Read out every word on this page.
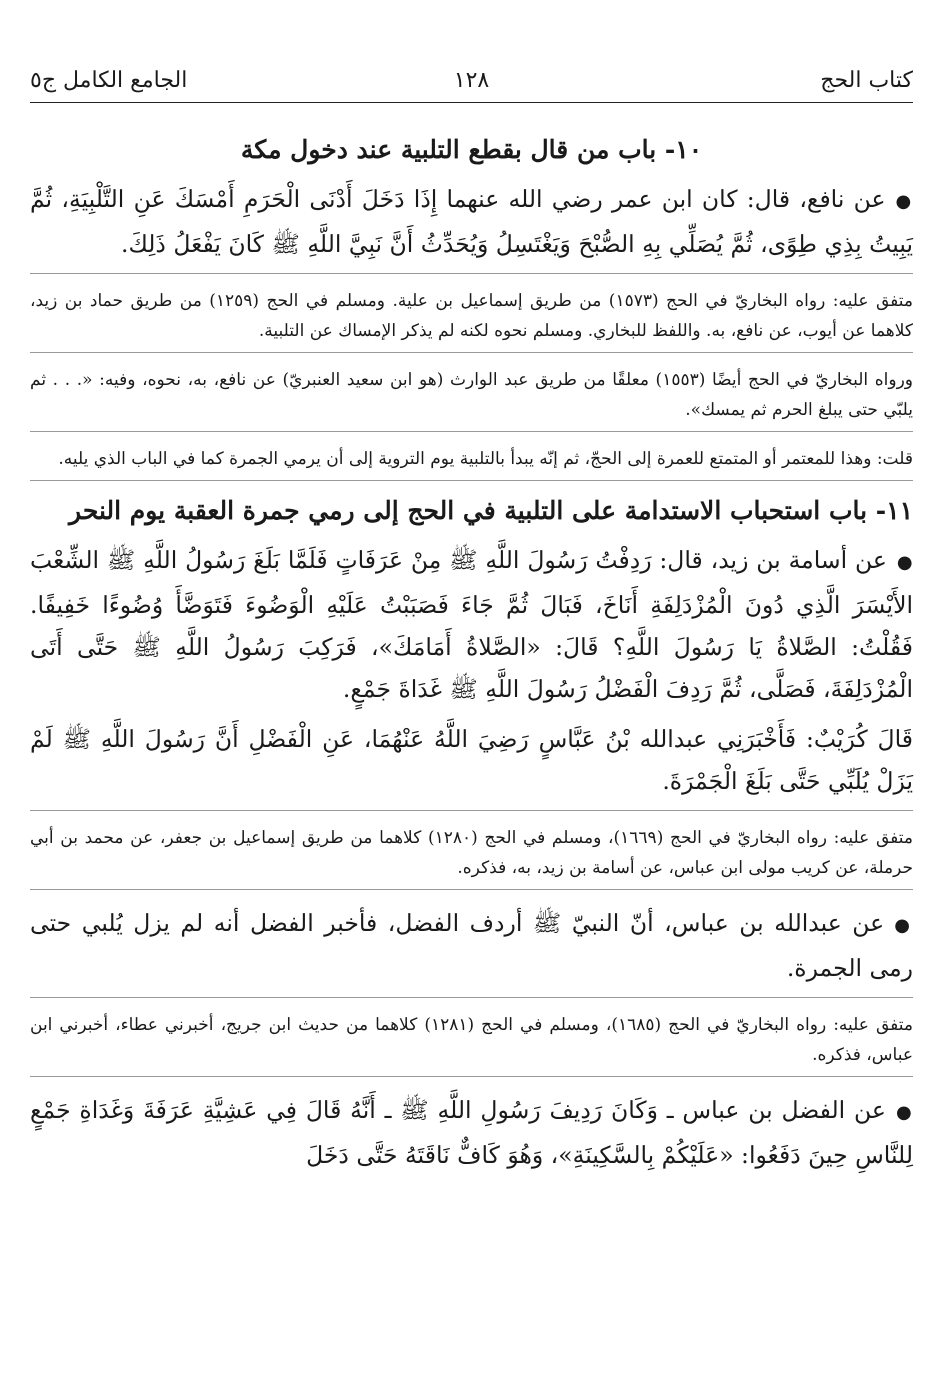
كتاب الحج
١٢٨
الجامع الكامل ج٥
١٠- باب من قال بقطع التلبية عند دخول مكة

●عن نافع، قال: كان ابن عمر رضي الله عنهما إِذَا دَخَلَ أَدْنَى الْحَرَمِ أَمْسَكَ عَنِ التَّلْبِيَةِ، ثُمَّ يَبِيتُ بِذِي طِوًى، ثُمَّ يُصَلِّي بِهِ الصُّبْحَ وَيَغْتَسِلُ وَيُحَدِّثُ أَنَّ نَبِيَّ اللَّهِ ﷺ كَانَ يَفْعَلُ ذَلِكَ.

متفق عليه: رواه البخاريّ في الحج (١٥٧٣) من طريق إسماعيل بن علية. ومسلم في الحج (١٢٥٩) من طريق حماد بن زيد، كلاهما عن أيوب، عن نافع، به. واللفظ للبخاري. ومسلم نحوه لكنه لم يذكر الإمساك عن التلبية.

ورواه البخاريّ في الحج أيضًا (١٥٥٣) معلقًا من طريق عبد الوارث (هو ابن سعيد العنبريّ) عن نافع، به، نحوه، وفيه: «. . . ثم يلبّي حتى يبلغ الحرم ثم يمسك».

قلت: وهذا للمعتمر أو المتمتع للعمرة إلى الحجّ، ثم إنّه يبدأ بالتلبية يوم التروية إلى أن يرمي الجمرة كما في الباب الذي يليه.

١١- باب استحباب الاستدامة على التلبية في الحج إلى رمي جمرة العقبة يوم النحر

●عن أسامة بن زيد، قال: رَدِفْتُ رَسُولَ اللَّهِ ﷺ مِنْ عَرَفَاتٍ فَلَمَّا بَلَغَ رَسُولُ اللَّهِ ﷺ الشِّعْبَ الأَيْسَرَ الَّذِي دُونَ الْمُزْدَلِفَةِ أَنَاخَ، فَبَالَ ثُمَّ جَاءَ فَصَبَبْتُ عَلَيْهِ الْوَضُوءَ فَتَوَضَّأَ وُضُوءًا خَفِيفًا. فَقُلْتُ: الصَّلاةُ يَا رَسُولَ اللَّهِ؟ قَالَ: «الصَّلاةُ أَمَامَكَ»، فَرَكِبَ رَسُولُ اللَّهِ ﷺ حَتَّى أَتَى الْمُزْدَلِفَةَ، فَصَلَّى، ثُمَّ رَدِفَ الْفَضْلُ رَسُولَ اللَّهِ ﷺ غَدَاةَ جَمْعٍ.

قَالَ كُرَيْبٌ: فَأَخْبَرَنِي عبدالله بْنُ عَبَّاسٍ رَضِيَ اللَّهُ عَنْهُمَا، عَنِ الْفَضْلِ أَنَّ رَسُولَ اللَّهِ ﷺ لَمْ يَزَلْ يُلَبِّي حَتَّى بَلَغَ الْجَمْرَةَ.

متفق عليه: رواه البخاريّ في الحج (١٦٦٩)، ومسلم في الحج (١٢٨٠) كلاهما من طريق إسماعيل بن جعفر، عن محمد بن أبي حرملة، عن كريب مولى ابن عباس، عن أسامة بن زيد، به، فذكره.

●عن عبدالله بن عباس، أنّ النبيّ ﷺ أردف الفضل، فأخبر الفضل أنه لم يزل يُلبي حتى رمى الجمرة.

متفق عليه: رواه البخاريّ في الحج (١٦٨٥)، ومسلم في الحج (١٢٨١) كلاهما من حديث ابن جريج، أخبرني عطاء، أخبرني ابن عباس، فذكره.

●عن الفضل بن عباس ـ وَكَانَ رَدِيفَ رَسُولِ اللَّهِ ﷺ ـ أَنَّهُ قَالَ فِي عَشِيَّةِ عَرَفَةَ وَغَدَاةِ جَمْعٍ لِلنَّاسِ حِينَ دَفَعُوا: «عَلَيْكُمْ بِالسَّكِينَةِ»، وَهُوَ كَافٌّ نَاقَتَهُ حَتَّى دَخَلَ
